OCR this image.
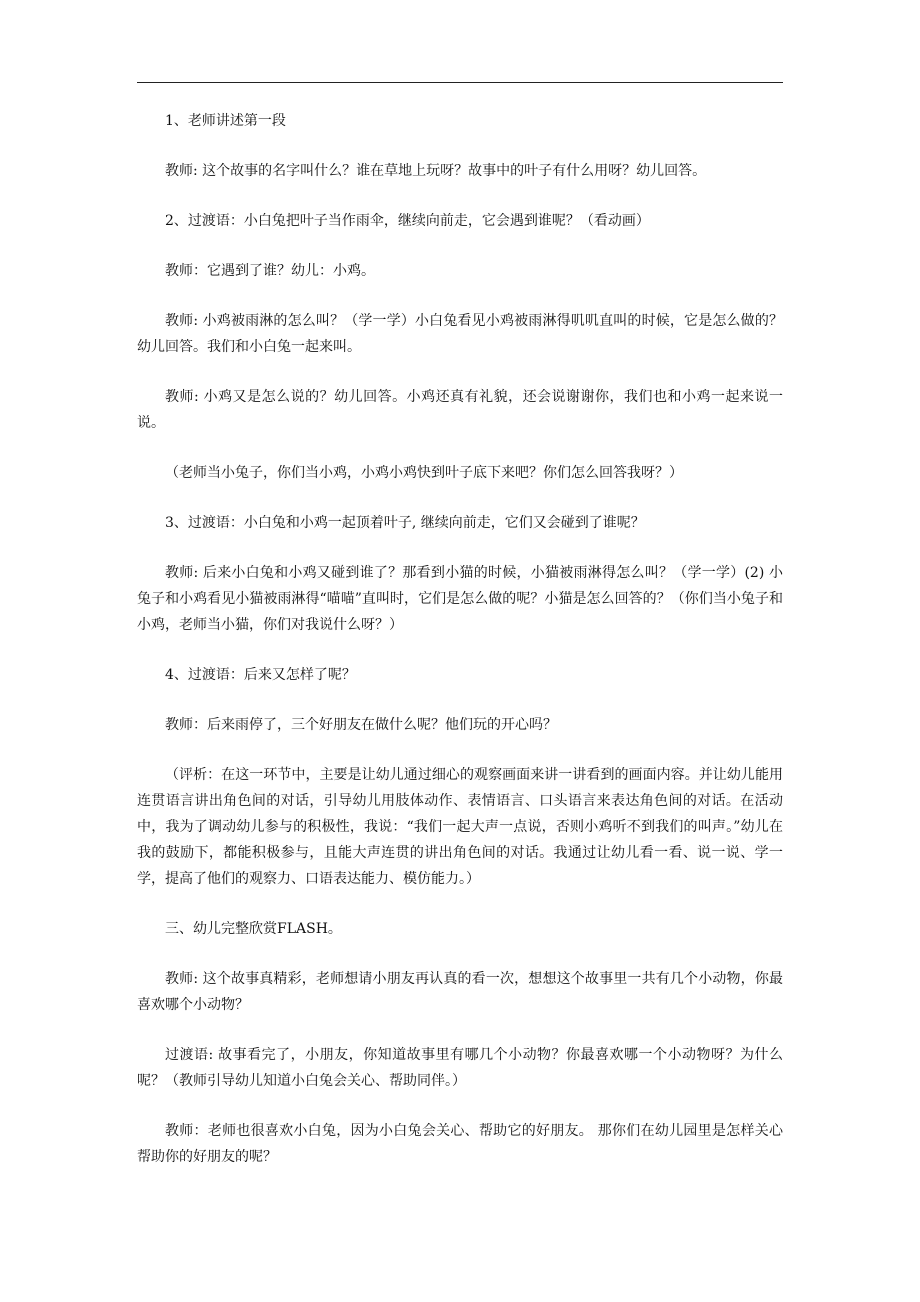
1、老师讲述第一段

教师: 这个故事的名字叫什么？谁在草地上玩呀？故事中的叶子有什么用呀？幼儿回答。

2、过渡语：小白兔把叶子当作雨伞，继续向前走，它会遇到谁呢？（看动画）

教师：它遇到了谁？幼儿：小鸡。

教师: 小鸡被雨淋的怎么叫？（学一学）小白兔看见小鸡被雨淋得叽叽直叫的时候，它是怎么做的？幼儿回答。我们和小白兔一起来叫。

教师: 小鸡又是怎么说的？幼儿回答。小鸡还真有礼貌，还会说谢谢你，我们也和小鸡一起来说一说。

（老师当小兔子，你们当小鸡，小鸡小鸡快到叶子底下来吧？你们怎么回答我呀？）

3、过渡语：小白兔和小鸡一起顶着叶子, 继续向前走，它们又会碰到了谁呢？

教师: 后来小白兔和小鸡又碰到谁了？那看到小猫的时候，小猫被雨淋得怎么叫？（学一学）(2) 小兔子和小鸡看见小猫被雨淋得“喵喵”直叫时，它们是怎么做的呢？小猫是怎么回答的？（你们当小兔子和小鸡，老师当小猫，你们对我说什么呀？）

4、过渡语：后来又怎样了呢？

教师：后来雨停了，三个好朋友在做什么呢？他们玩的开心吗？

（评析：在这一环节中，主要是让幼儿通过细心的观察画面来讲一讲看到的画面内容。并让幼儿能用连贯语言讲出角色间的对话，引导幼儿用肢体动作、表情语言、口头语言来表达角色间的对话。在活动中，我为了调动幼儿参与的积极性，我说：“我们一起大声一点说，否则小鸡听不到我们的叫声。”幼儿在我的鼓励下，都能积极参与，且能大声连贯的讲出角色间的对话。我通过让幼儿看一看、说一说、学一学，提高了他们的观察力、口语表达能力、模仿能力。）

三、幼儿完整欣赏FLASH。

教师: 这个故事真精彩，老师想请小朋友再认真的看一次，想想这个故事里一共有几个小动物，你最喜欢哪个小动物？

过渡语: 故事看完了，小朋友，你知道故事里有哪几个小动物？你最喜欢哪一个小动物呀？为什么呢？（教师引导幼儿知道小白兔会关心、帮助同伴。）

教师：老师也很喜欢小白兔，因为小白兔会关心、帮助它的好朋友。 那你们在幼儿园里是怎样关心帮助你的好朋友的呢？
